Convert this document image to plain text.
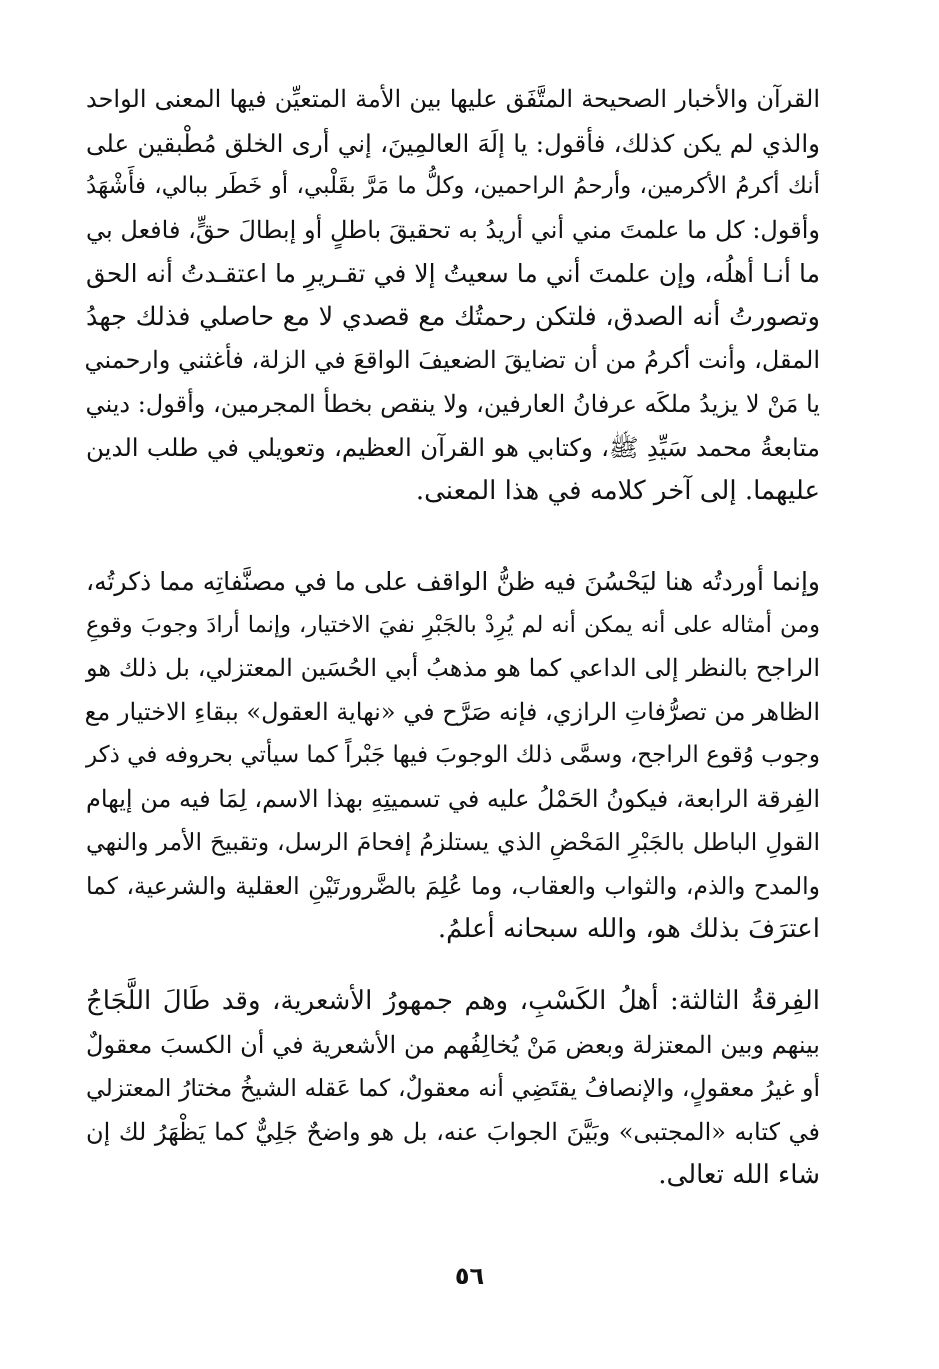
القرآن والأخبار الصحيحة المتَّفَق عليها بين الأمة المتعيِّن فيها المعنى الواحد
والذي لم يكن كذلك، فأقول: يا إلَهَ العالمِينَ، إني أرى الخلق مُطْبقين على
أنك أكرمُ الأكرمين، وأرحمُ الراحمين، وكلُّ ما مَرَّ بقَلْبي، أو خَطَر ببالي، فأَشْهَدُ
وأقول: كل ما علمتَ مني أني أريدُ به تحقيقَ باطلٍ أو إبطالَ حقٍّ، فافعل بي
ما أنـا أهلُه، وإن علمتَ أني ما سعيتُ إلا في تقـريرِ ما اعتقـدتُ أنه الحق
وتصورتُ أنه الصدق، فلتكن رحمتُك مع قصدي لا مع حاصلي فذلك جهدُ
المقل، وأنت أكرمُ من أن تضايقَ الضعيفَ الواقعَ في الزلة، فأغثني وارحمني
يا مَنْ لا يزيدُ ملكَه عرفانُ العارفين، ولا ينقص بخطأ المجرمين، وأقول: ديني
متابعةُ محمد سَيِّدِ ﷺ، وكتابي هو القرآن العظيم، وتعويلي في طلب الدين
عليهما. إلى آخر كلامه في هذا المعنى.
وإنما أوردتُه هنا ليَحْسُنَ فيه ظنُّ الواقف على ما في مصنَّفاتِه مما ذكرتُه،
ومن أمثاله على أنه يمكن أنه لم يُرِدْ بالجَبْرِ نفيَ الاختيار، وإنما أرادَ وجوبَ وقوعِ
الراجح بالنظر إلى الداعي كما هو مذهبُ أبي الحُسَين المعتزلي، بل ذلك هو
الظاهر من تصرُّفاتِ الرازي، فإنه صَرَّح في «نهاية العقول» ببقاءِ الاختيار مع
وجوب وُقوع الراجح، وسمَّى ذلك الوجوبَ فيها جَبْراً كما سيأتي بحروفه في ذكر
الفِرقة الرابعة، فيكونُ الحَمْلُ عليه في تسميتِهِ بهذا الاسم، لِمَا فيه من إيهام
القولِ الباطل بالجَبْرِ المَحْضِ الذي يستلزمُ إفحامَ الرسل، وتقبيحَ الأمر والنهي
والمدح والذم، والثواب والعقاب، وما عُلِمَ بالضَّرورتَيْنِ العقلية والشرعية، كما
اعترَفَ بذلك هو، والله سبحانه أعلمُ.
الفِرقةُ الثالثة: أهلُ الكَسْبِ، وهم جمهورُ الأشعرية، وقد طَالَ اللَّجَاجُ
بينهم وبين المعتزلة وبعض مَنْ يُخالِفُهم من الأشعرية في أن الكسبَ معقولٌ
أو غيرُ معقولٍ، والإنصافُ يقتَضِي أنه معقولٌ، كما عَقله الشيخُ مختارُ المعتزلي
في كتابه «المجتبى» وبَيَّنَ الجوابَ عنه، بل هو واضحٌ جَلِيٌّ كما يَظْهَرُ لك إن
شاء الله تعالى.
٥٦
